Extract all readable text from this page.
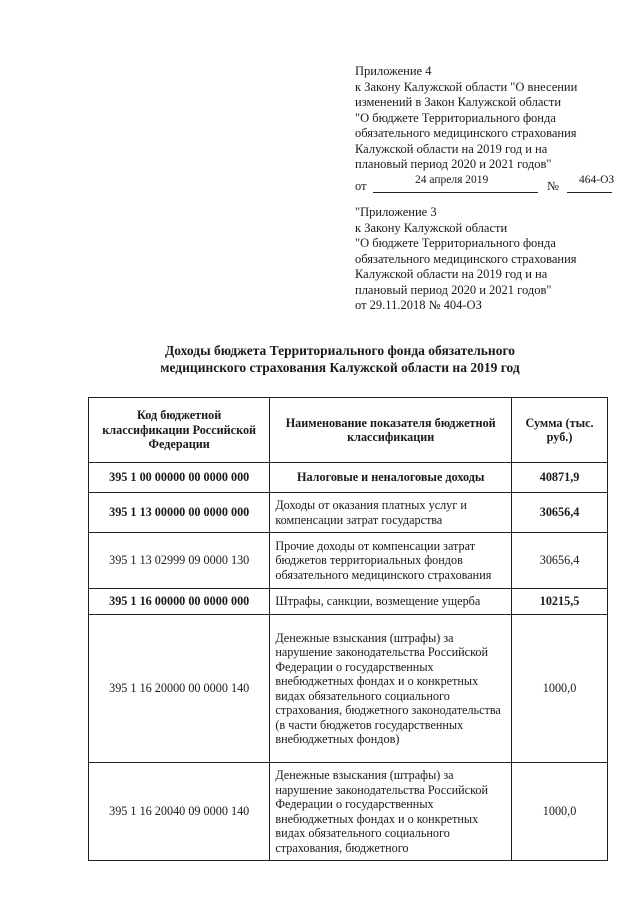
Приложение 4
к Закону Калужской области "О внесении
изменений в Закон Калужской области
"О бюджете Территориального фонда
обязательного медицинского страхования
Калужской области на 2019 год и на
плановый период 2020 и 2021 годов"
от	24 апреля 2019	№ 464-ОЗ
"Приложение 3
к Закону Калужской области
"О бюджете Территориального фонда
обязательного медицинского страхования
Калужской области на 2019 год и на
плановый период 2020 и 2021 годов"
от 29.11.2018 № 404-ОЗ
Доходы бюджета Территориального фонда обязательного
медицинского страхования Калужской области на 2019 год
Код бюджетной классификации Российской Федерации	Наименование показателя бюджетной классификации	Сумма (тыс. руб.)
395 1 00 00000 00 0000 000	Налоговые и неналоговые доходы	40871,9
395 1 13 00000 00 0000 000	Доходы от оказания платных услуг и компенсации затрат государства	30656,4
395 1 13 02999 09 0000 130	Прочие доходы от компенсации затрат бюджетов территориальных фондов обязательного медицинского страхования	30656,4
395 1 16 00000 00 0000 000	Штрафы, санкции, возмещение ущерба	10215,5
395 1 16 20000 00 0000 140	Денежные взыскания (штрафы) за нарушение законодательства Российской Федерации о государственных внебюджетных фондах и о конкретных видах обязательного социального страхования, бюджетного законодательства (в части бюджетов государственных внебюджетных фондов)	1000,0
395 1 16 20040 09 0000 140	Денежные взыскания (штрафы) за нарушение законодательства Российской Федерации о государственных внебюджетных фондах и о конкретных видах обязательного социального страхования, бюджетного	1000,0
